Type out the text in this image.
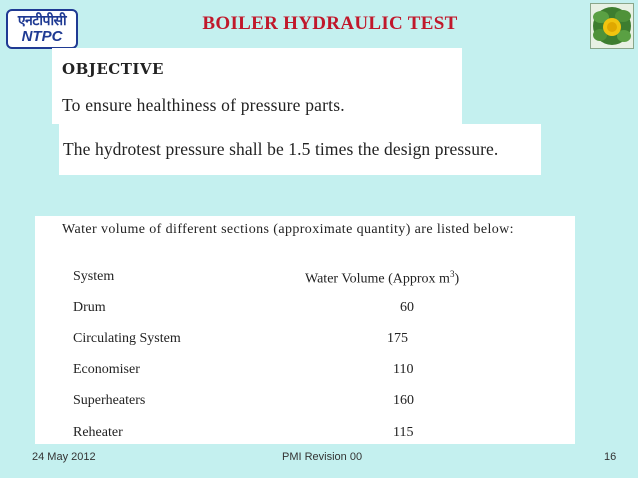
एनटीपीसी
NTPC
BOILER HYDRAULIC TEST
OBJECTIVE
To ensure healthiness of pressure parts.
The hydrotest pressure shall be 1.5 times the design pressure.
Water volume of different sections (approximate quantity) are listed below:
System	Water Volume (Approx $m^3$)
Drum	60
Circulating System	175
Economiser	110
Superheaters	160
Reheater	115
24 May 2012	PMI Revision 00	16
